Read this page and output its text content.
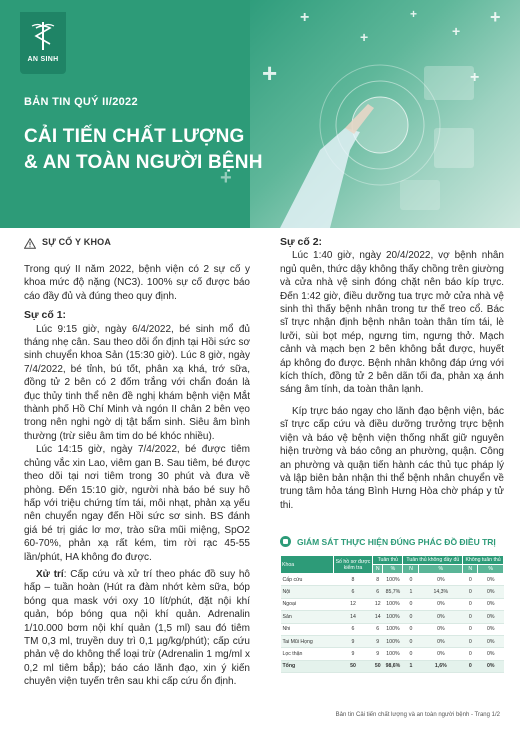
AN SINH
+
+
+
+
+
+
+
+
BẢN TIN QUÝ II/2022
CẢI TIẾN CHẤT LƯỢNG
& AN TOÀN NGƯỜI BỆNH
SỰ CỐ Y KHOA

Trong quý II năm 2022, bệnh viện có 2 sự cố y khoa mức độ nặng (NC3). 100% sự cố được báo cáo đầy đủ và đúng theo quy định.

Sự cố 1:

Lúc 9:15 giờ, ngày 6/4/2022, bé sinh mổ đủ tháng nhẹ cân. Sau theo dõi ổn định tại Hồi sức sơ sinh chuyển khoa Sản (15:30 giờ). Lúc 8 giờ, ngày 7/4/2022, bé tỉnh, bú tốt, phân xạ khá, trớ sữa, đồng tử 2 bên có 2 đốm trắng với chẩn đoán là đục thủy tinh thể nên đề nghị khám bệnh viện Mắt thành phố Hồ Chí Minh và ngón II chân 2 bên vẹo trong nên nghi ngờ dị tật bẩm sinh. Siêu âm bình thường (trừ siêu âm tim do bé khóc nhiều).

Lúc 14:15 giờ, ngày 7/4/2022, bé được tiêm chủng vắc xin Lao, viêm gan B. Sau tiêm, bé được theo dõi tại nơi tiêm trong 30 phút và đưa về phòng. Đến 15:10 giờ, người nhà báo bé suy hô hấp với triệu chứng tím tái, môi nhạt, phản xạ yếu nên chuyển ngay đến Hồi sức sơ sinh. BS đánh giá bé trị giác lơ mơ, trào sữa mũi miệng, SpO2 60-70%, phản xạ rất kém, tim rời rạc 45-55 lần/phút, HA không đo được.

Xử trí: Cấp cứu và xử trí theo phác đồ suy hô hấp – tuần hoàn (Hút ra đàm nhớt kèm sữa, bóp bóng qua mask với oxy 10 lít/phút, đặt nội khí quản, bóp bóng qua nội khí quản. Adrenalin 1/10.000 bơm nội khí quản (1,5 ml) sau đó tiêm TM 0,3 ml, truyền duy trì 0,1 µg/kg/phút); cấp cứu phản vệ do không thể loại trừ (Adrenalin 1 mg/ml x 0,2 ml tiêm bắp); báo cáo lãnh đạo, xin ý kiến chuyên viện tuyến trên sau khi cấp cứu ổn định.

Sự cố 2:

Lúc 1:40 giờ, ngày 20/4/2022, vợ bệnh nhân ngủ quên, thức dậy không thấy chồng trên giường và cửa nhà vệ sinh đóng chặt nên báo kíp trực. Đến 1:42 giờ, điều dưỡng tua trực mở cửa nhà vệ sinh thì thấy bệnh nhân trong tư thế treo cổ. Bác sĩ trực nhận định bệnh nhân toàn thân tím tái, lè lưỡi, sùi bọt mép, ngưng tim, ngưng thở. Mạch cảnh và mạch bẹn 2 bên không bắt được, huyết áp không đo được. Bệnh nhân không đáp ứng với kích thích, đồng tử 2 bên dãn tối đa, phản xạ ánh sáng âm tính, da toàn thân lạnh.

Kíp trực báo ngay cho lãnh đạo bệnh viện, bác sĩ trực cấp cứu và điều dưỡng trưởng trực bệnh viện và báo vệ bệnh viện thống nhất giữ nguyên hiện trường và báo công an phường, quận. Công an phường và quận tiến hành các thủ tục pháp lý và lập biên bản nhận thi thể bệnh nhân chuyển về trung tâm hỏa táng Bình Hưng Hòa chờ pháp y tử thi.

GIÁM SÁT THỰC HIỆN ĐÚNG PHÁC ĐỒ ĐIỀU TRỊ
Khoa	Số hồ sơ được kiểm tra	Tuân thủ		Tuân thủ không đầy đủ		Không tuân thủ	
		N	%	N	%	N	%
Cấp cứu	8	8	100%	0	0%	0	0%
Nội	6	6	85,7%	1	14,3%	0	0%
Ngoại	12	12	100%	0	0%	0	0%
Sản	14	14	100%	0	0%	0	0%
Nhi	6	6	100%	0	0%	0	0%
Tai Mũi Họng	9	9	100%	0	0%	0	0%
Lọc thận	9	9	100%	0	0%	0	0%
Tổng	50	50	98,6%	1	1,6%	0	0%
Bản tin Cải tiến chất lượng và an toàn người bệnh - Trang 1/2
